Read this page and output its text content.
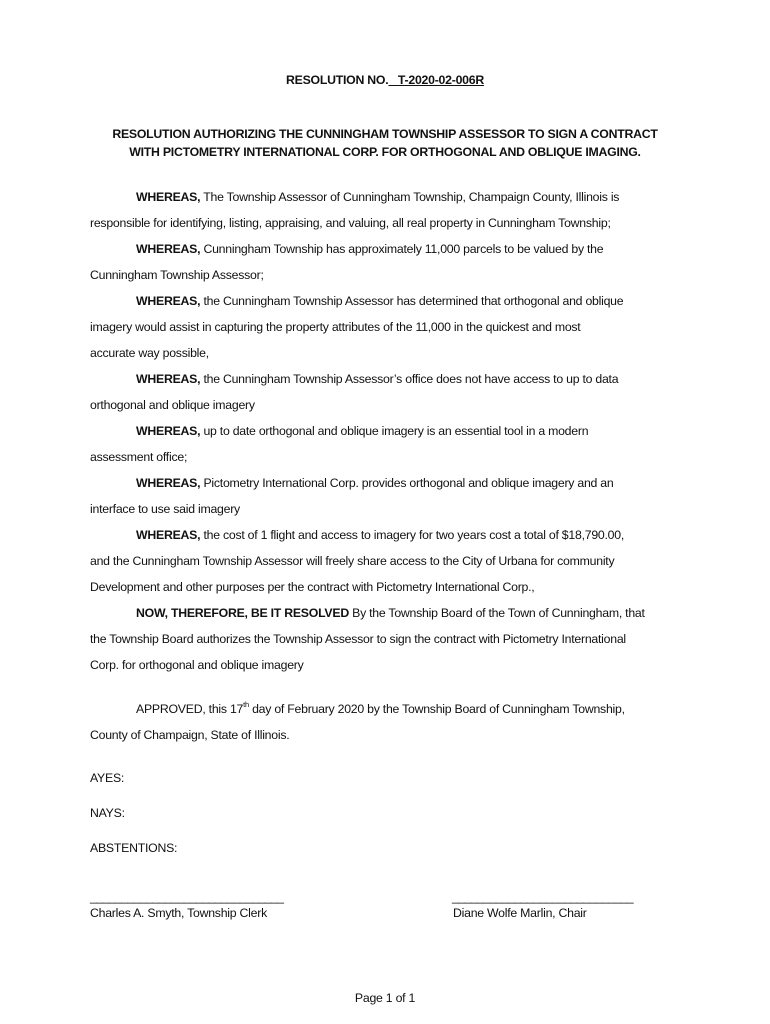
RESOLUTION NO. T-2020-02-006R
RESOLUTION AUTHORIZING THE CUNNINGHAM TOWNSHIP ASSESSOR TO SIGN A CONTRACT
WITH PICTOMETRY INTERNATIONAL CORP. FOR ORTHOGONAL AND OBLIQUE IMAGING.
WHEREAS, The Township Assessor of Cunningham Township, Champaign County, Illinois is
responsible for identifying, listing, appraising, and valuing, all real property in Cunningham Township;
WHEREAS, Cunningham Township has approximately 11,000 parcels to be valued by the
Cunningham Township Assessor;
WHEREAS, the Cunningham Township Assessor has determined that orthogonal and oblique
imagery would assist in capturing the property attributes of the 11,000 in the quickest and most
accurate way possible,
WHEREAS, the Cunningham Township Assessor’s office does not have access to up to data
orthogonal and oblique imagery
WHEREAS, up to date orthogonal and oblique imagery is an essential tool in a modern
assessment office;
WHEREAS, Pictometry International Corp. provides orthogonal and oblique imagery and an
interface to use said imagery
WHEREAS, the cost of 1 flight and access to imagery for two years cost a total of $18,790.00,
and the Cunningham Township Assessor will freely share access to the City of Urbana for community
Development and other purposes per the contract with Pictometry International Corp.,
NOW, THEREFORE, BE IT RESOLVED By the Township Board of the Town of Cunningham, that
the Township Board authorizes the Township Assessor to sign the contract with Pictometry International
Corp. for orthogonal and oblique imagery
APPROVED, this 17th day of February 2020 by the Township Board of Cunningham Township,
County of Champaign, State of Illinois.
AYES:
NAYS:
ABSTENTIONS:
_______________________________
Charles A. Smyth, Township Clerk
_____________________________
Diane Wolfe Marlin, Chair
Page 1 of 1
